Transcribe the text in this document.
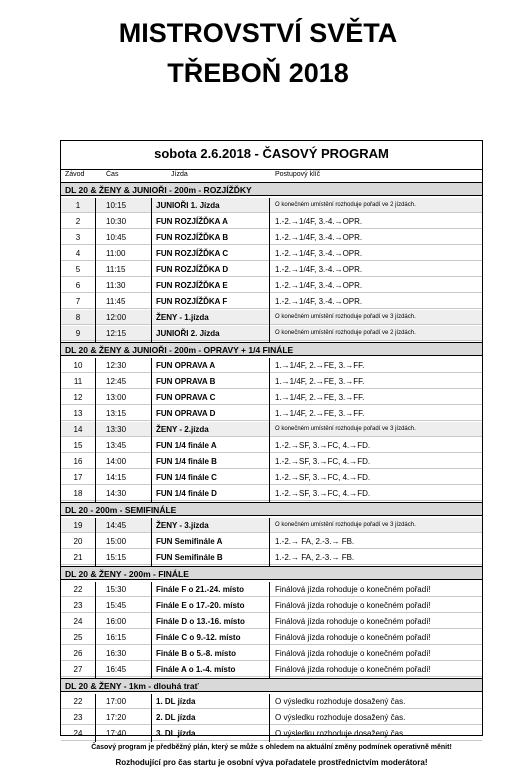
MISTROVSTVÍ SVĚTA
TŘEBOŇ 2018
sobota 2.6.2018 - ČASOVÝ PROGRAM
Závod	Čas	Jízda	Postupový klíč
DL 20 & ŽENY & JUNIOŘI - 200m - ROZJÍŽĎKY
1	10:15	JUNIOŘI 1. Jízda	O konečném umístění rozhoduje pořadí ve 2 jízdách.
2	10:30	FUN ROZJÍŽĎKA A	1.-2.→1/4F, 3.-4.→OPR.
3	10:45	FUN ROZJÍŽĎKA B	1.-2.→1/4F, 3.-4.→OPR.
4	11:00	FUN ROZJÍŽĎKA C	1.-2.→1/4F, 3.-4.→OPR.
5	11:15	FUN ROZJÍŽĎKA D	1.-2.→1/4F, 3.-4.→OPR.
6	11:30	FUN ROZJÍŽĎKA E	1.-2.→1/4F, 3.-4.→OPR.
7	11:45	FUN ROZJÍŽĎKA F	1.-2.→1/4F, 3.-4.→OPR.
8	12:00	ŽENY - 1.jízda	O konečném umístění rozhoduje pořadí ve 3 jízdách.
9	12:15	JUNIOŘI 2. Jízda	O konečném umístění rozhoduje pořadí ve 2 jízdách.
DL 20 & ŽENY & JUNIOŘI - 200m - OPRAVY + 1/4 FINÁLE
10	12:30	FUN OPRAVA A	1.→1/4F, 2.→FE, 3.→FF.
11	12:45	FUN OPRAVA B	1.→1/4F, 2.→FE, 3.→FF.
12	13:00	FUN OPRAVA C	1.→1/4F, 2.→FE, 3.→FF.
13	13:15	FUN OPRAVA D	1.→1/4F, 2.→FE, 3.→FF.
14	13:30	ŽENY - 2.jízda	O konečném umístění rozhoduje pořadí ve 3 jízdách.
15	13:45	FUN 1/4 finále A	1.-2.→SF, 3.→FC, 4.→FD.
16	14:00	FUN 1/4 finále B	1.-2.→SF, 3.→FC, 4.→FD.
17	14:15	FUN 1/4 finále C	1.-2.→SF, 3.→FC, 4.→FD.
18	14:30	FUN 1/4 finále D	1.-2.→SF, 3.→FC, 4.→FD.
DL 20 - 200m - SEMIFINÁLE
19	14:45	ŽENY - 3.jízda	O konečném umístění rozhoduje pořadí ve 3 jízdách.
20	15:00	FUN Semifinále A	1.-2.→ FA, 2.-3.→ FB.
21	15:15	FUN Semifinále B	1.-2.→ FA, 2.-3.→ FB.
DL 20 & ŽENY - 200m - FINÁLE
22	15:30	Finále F o 21.-24. místo	Finálová jízda rohoduje o konečném pořadí!
23	15:45	Finále E o 17.-20. místo	Finálová jízda rohoduje o konečném pořadí!
24	16:00	Finále D o 13.-16. místo	Finálová jízda rohoduje o konečném pořadí!
25	16:15	Finále C o 9.-12. místo	Finálová jízda rohoduje o konečném pořadí!
26	16:30	Finále B o 5.-8. místo	Finálová jízda rohoduje o konečném pořadí!
27	16:45	Finále A o 1.-4. místo	Finálová jízda rohoduje o konečném pořadí!
DL 20 & ŽENY - 1km - dlouhá trať
22	17:00	1. DL jízda	O výsledku rozhoduje dosažený čas.
23	17:20	2. DL jízda	O výsledku rozhoduje dosažený čas.
24	17:40	3. DL jízda	O výsledku rozhoduje dosažený čas.
Časový program je předběžný plán, který se může s ohledem na aktuální změny podmínek operativně měnit!
Rozhodující pro čas startu je osobní výva pořadatele prostřednictvím moderátora!
